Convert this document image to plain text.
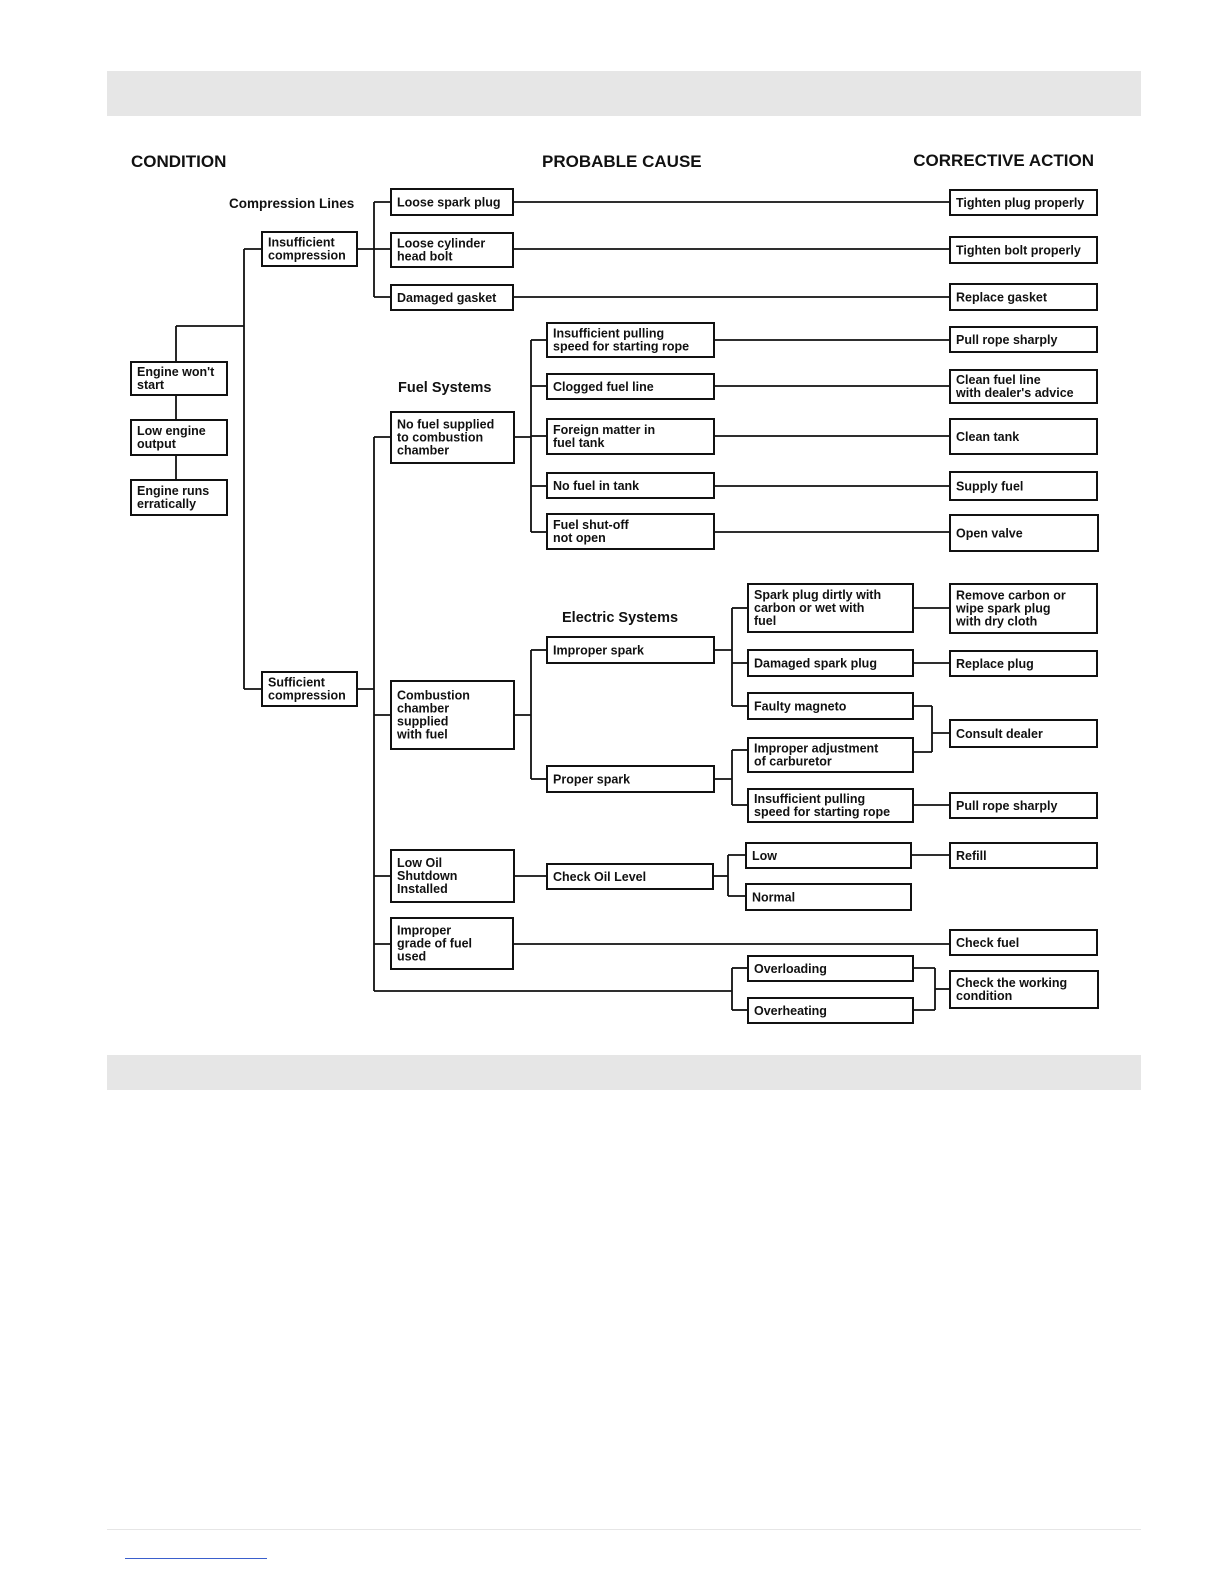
Engine won't start
Low engine output
Engine runs erratically
Insufficient compression
Sufficient compression
Loose spark plug
Loose cylinder head bolt
Damaged gasket
No fuel supplied to combustion chamber
Insufficient pulling speed for starting rope
Clogged fuel line
Foreign matter in fuel tank
No fuel in tank
Fuel shut-off not open
Combustion chamber supplied with fuel
Improper spark
Proper spark
Spark plug dirtly with carbon or wet with fuel
Damaged spark plug
Faulty magneto
Improper adjustment of carburetor
Insufficient pulling speed for starting rope
Low Oil Shutdown Installed
Check Oil Level
Low
Normal
Improper grade of fuel used
Overloading
Overheating
Tighten plug properly
Tighten bolt properly
Replace gasket
Pull rope sharply
Clean fuel line with dealer's advice
Clean tank
Supply fuel
Open valve
Remove carbon or wipe spark plug with dry cloth
Replace plug
Consult dealer
Pull rope sharply
Refill
Check fuel
Check the working condition
CONDITION	PROBABLE CAUSE	CORRECTIVE ACTION
Compression Lines
Fuel Systems
Electric Systems
